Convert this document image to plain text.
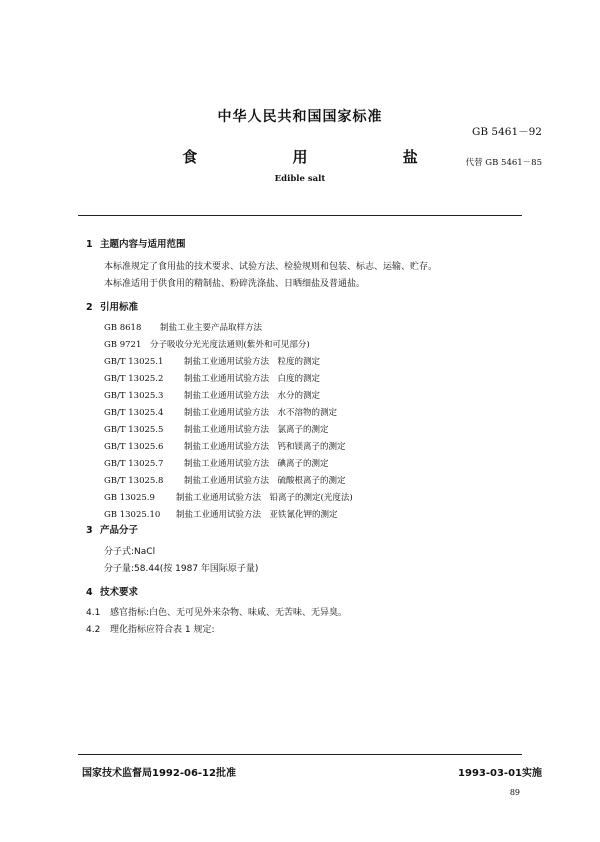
中华人民共和国国家标准
GB 5461－92
食 用 盐	代替 GB 5461－85
Edible salt
1 主题内容与适用范围
本标准规定了食用盐的技术要求、试验方法、检验规则和包装、标志、运输、贮存。
本标准适用于供食用的精制盐、粉碎洗涤盐、日晒细盐及普通盐。
2 引用标准
GB 8618 制盐工业主要产品取样方法
GB 9721 分子吸收分光光度法通则(紫外和可见部分)
GB/T 13025.1 制盐工业通用试验方法　粒度的测定
GB/T 13025.2 制盐工业通用试验方法　白度的测定
GB/T 13025.3 制盐工业通用试验方法　水分的测定
GB/T 13025.4 制盐工业通用试验方法　水不溶物的测定
GB/T 13025.5 制盐工业通用试验方法　氯离子的测定
GB/T 13025.6 制盐工业通用试验方法　钙和镁离子的测定
GB/T 13025.7 制盐工业通用试验方法　碘离子的测定
GB/T 13025.8 制盐工业通用试验方法　硫酸根离子的测定
GB 13025.9 制盐工业通用试验方法　铅离子的测定(光度法)
GB 13025.10 制盐工业通用试验方法　亚铁氰化钾的测定
3 产品分子
分子式:NaCl
分子量:58.44(按 1987 年国际原子量)
4 技术要求
4.1 感官指标:白色、无可见外来杂物、味咸、无苦味、无异臭。
4.2 理化指标应符合表 1 规定:
国家技术监督局1992-06-12批准	1993-03-01实施
89
